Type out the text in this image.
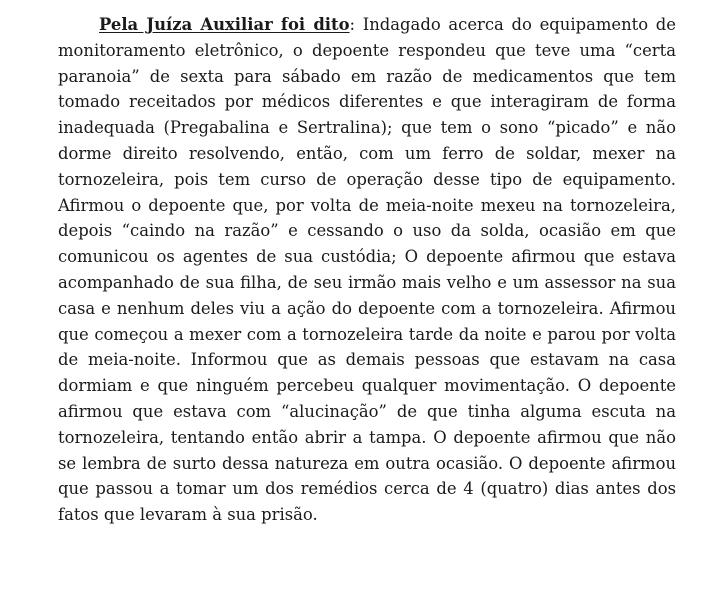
Pela Juíza Auxiliar foi dito: Indagado acerca do equipamento de monitoramento eletrônico, o depoente respondeu que teve uma “certa paranoia” de sexta para sábado em razão de medicamentos que tem tomado receitados por médicos diferentes e que interagiram de forma inadequada (Pregabalina e Sertralina); que tem o sono “picado” e não dorme direito resolvendo, então, com um ferro de soldar, mexer na tornozeleira, pois tem curso de operação desse tipo de equipamento. Afirmou o depoente que, por volta de meia-noite mexeu na tornozeleira, depois “caindo na razão” e cessando o uso da solda, ocasião em que comunicou os agentes de sua custódia; O depoente afirmou que estava acompanhado de sua filha, de seu irmão mais velho e um assessor na sua casa e nenhum deles viu a ação do depoente com a tornozeleira. Afirmou que começou a mexer com a tornozeleira tarde da noite e parou por volta de meia-noite. Informou que as demais pessoas que estavam na casa dormiam e que ninguém percebeu qualquer movimentação. O depoente afirmou que estava com “alucinação” de que tinha alguma escuta na tornozeleira, tentando então abrir a tampa. O depoente afirmou que não se lembra de surto dessa natureza em outra ocasião. O depoente afirmou que passou a tomar um dos remédios cerca de 4 (quatro) dias antes dos fatos que levaram à sua prisão.
